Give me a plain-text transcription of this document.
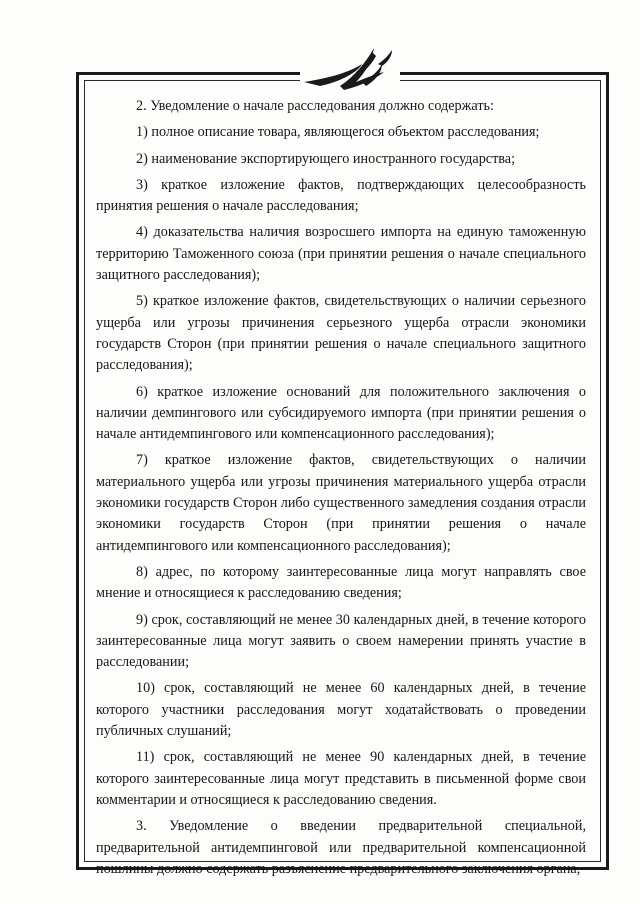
2. Уведомление о начале расследования должно содержать:

1) полное описание товара, являющегося объектом расследования;

2) наименование экспортирующего иностранного государства;

3) краткое изложение фактов, подтверждающих целесообразность принятия решения о начале расследования;

4) доказательства наличия возросшего импорта на единую таможенную территорию Таможенного союза (при принятии решения о начале специального защитного расследования);

5) краткое изложение фактов, свидетельствующих о наличии серьезного ущерба или угрозы причинения серьезного ущерба отрасли экономики государств Сторон (при принятии решения о начале специального защитного расследования);

6) краткое изложение оснований для положительного заключения о наличии демпингового или субсидируемого импорта (при принятии решения о начале антидемпингового или компенсационного расследования);

7) краткое изложение фактов, свидетельствующих о наличии материального ущерба или угрозы причинения материального ущерба отрасли экономики государств Сторон либо существенного замедления создания отрасли экономики государств Сторон (при принятии решения о начале антидемпингового или компенсационного расследования);

8) адрес, по которому заинтересованные лица могут направлять свое мнение и относящиеся к расследованию сведения;

9) срок, составляющий не менее 30 календарных дней, в течение которого заинтересованные лица могут заявить о своем намерении принять участие в расследовании;

10) срок, составляющий не менее 60 календарных дней, в течение которого участники расследования могут ходатайствовать о проведении публичных слушаний;

11) срок, составляющий не менее 90 календарных дней, в течение которого заинтересованные лица могут представить в письменной форме свои комментарии и относящиеся к расследованию сведения.

3. Уведомление о введении предварительной специальной, предварительной антидемпинговой или предварительной компенсационной пошлины должно содержать разъяснение предварительного заключения органа,
